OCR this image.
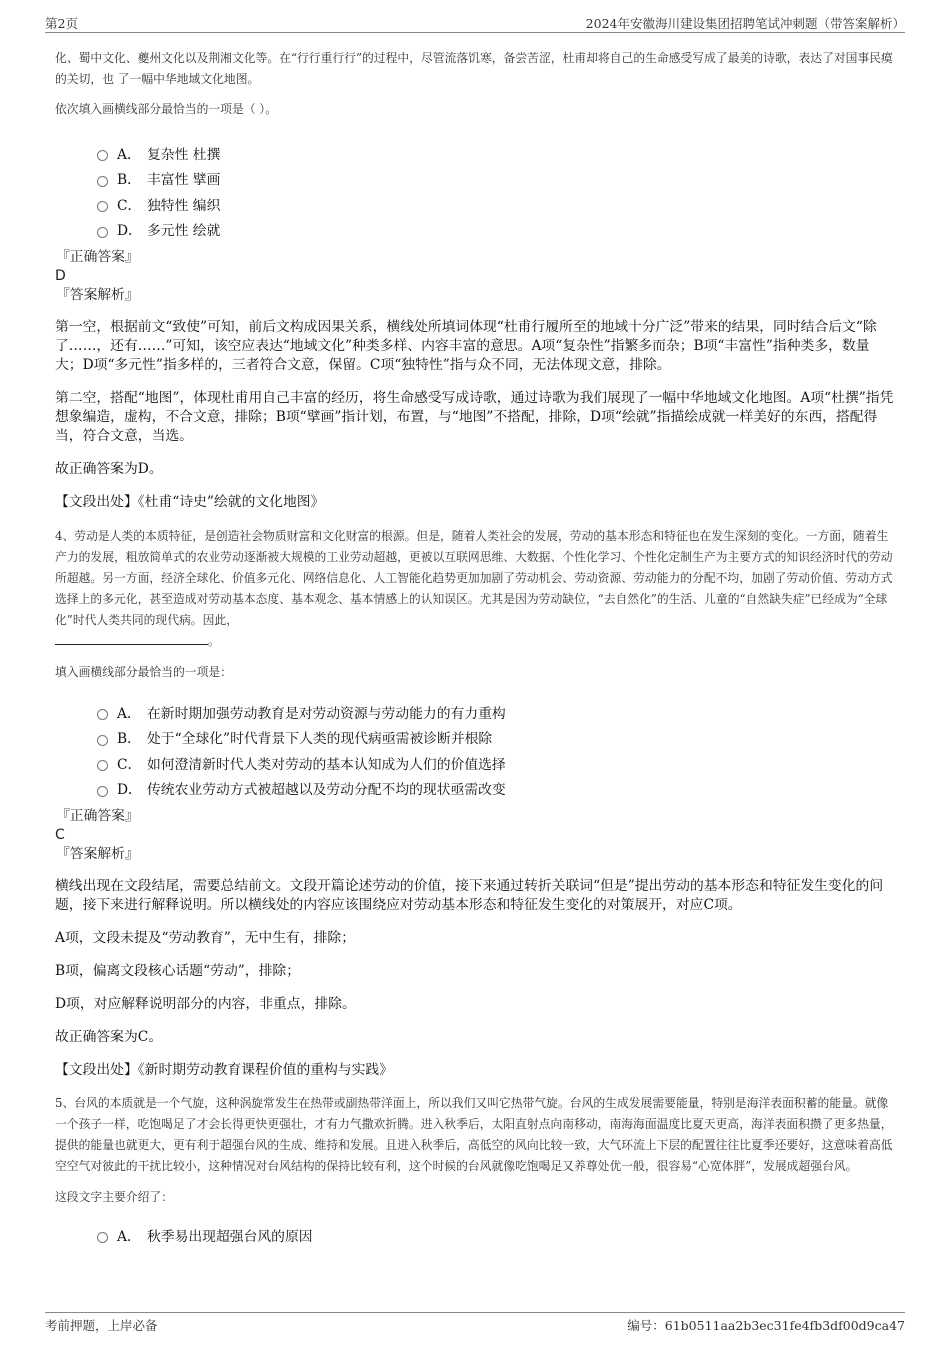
第2页	2024年安徽海川建设集团招聘笔试冲刺题（带答案解析）

化、蜀中文化、夔州文化以及荆湘文化等。在“行行重行行”的过程中，尽管流落饥寒，备尝苦涩，杜甫却将自己的生命感受写成了最美的诗歌，表达了对国事民瘼的关切，也 了一幅中华地域文化地图。

依次填入画横线部分最恰当的一项是（ ）。

A． 复杂性 杜撰
B． 丰富性 擘画
C． 独特性 编织
D． 多元性 绘就

『正确答案』

D

『答案解析』

第一空，根据前文“致使”可知，前后文构成因果关系，横线处所填词体现“杜甫行履所至的地域十分广泛”带来的结果，同时结合后文“除了……，还有……”可知，该空应表达“地域文化”种类多样、内容丰富的意思。A项“复杂性”指繁多而杂；B项“丰富性”指种类多，数量大；D项“多元性”指多样的，三者符合文意，保留。C项“独特性”指与众不同，无法体现文意，排除。

第二空，搭配“地图”，体现杜甫用自己丰富的经历，将生命感受写成诗歌，通过诗歌为我们展现了一幅中华地域文化地图。A项“杜撰”指凭想象编造，虚构，不合文意，排除；B项“擘画”指计划，布置，与“地图”不搭配，排除，D项“绘就”指描绘成就一样美好的东西，搭配得当，符合文意，当选。

故正确答案为D。

【文段出处】《杜甫“诗史”绘就的文化地图》

4、劳动是人类的本质特征，是创造社会物质财富和文化财富的根源。但是，随着人类社会的发展，劳动的基本形态和特征也在发生深刻的变化。一方面，随着生产力的发展，粗放简单式的农业劳动逐渐被大规模的工业劳动超越，更被以互联网思维、大数据、个性化学习、个性化定制生产为主要方式的知识经济时代的劳动所超越。另一方面，经济全球化、价值多元化、网络信息化、人工智能化趋势更加加剧了劳动机会、劳动资源、劳动能力的分配不均，加剧了劳动价值、劳动方式选择上的多元化，甚至造成对劳动基本态度、基本观念、基本情感上的认知误区。尤其是因为劳动缺位，“去自然化”的生活、儿童的“自然缺失症”已经成为“全球化”时代人类共同的现代病。因此，
。

填入画横线部分最恰当的一项是：

A． 在新时期加强劳动教育是对劳动资源与劳动能力的有力重构
B． 处于“全球化”时代背景下人类的现代病亟需被诊断并根除
C． 如何澄清新时代人类对劳动的基本认知成为人们的价值选择
D． 传统农业劳动方式被超越以及劳动分配不均的现状亟需改变

『正确答案』

C

『答案解析』

横线出现在文段结尾，需要总结前文。文段开篇论述劳动的价值，接下来通过转折关联词“但是”提出劳动的基本形态和特征发生变化的问题，接下来进行解释说明。所以横线处的内容应该围绕应对劳动基本形态和特征发生变化的对策展开，对应C项。

A项，文段未提及“劳动教育”，无中生有，排除；

B项，偏离文段核心话题“劳动”，排除；

D项，对应解释说明部分的内容，非重点，排除。

故正确答案为C。

【文段出处】《新时期劳动教育课程价值的重构与实践》

5、台风的本质就是一个气旋，这种涡旋常发生在热带或副热带洋面上，所以我们又叫它热带气旋。台风的生成发展需要能量，特别是海洋表面积蓄的能量。就像一个孩子一样，吃饱喝足了才会长得更快更强壮，才有力气撒欢折腾。进入秋季后，太阳直射点向南移动，南海海面温度比夏天更高，海洋表面积攒了更多热量，提供的能量也就更大，更有利于超强台风的生成、维持和发展。且进入秋季后，高低空的风向比较一致，大气环流上下层的配置往往比夏季还要好，这意味着高低空空气对彼此的干扰比较小，这种情况对台风结构的保持比较有利，这个时候的台风就像吃饱喝足又养尊处优一般，很容易“心宽体胖”，发展成超强台风。

这段文字主要介绍了：

A． 秋季易出现超强台风的原因
考前押题，上岸必备	编号：61b0511aa2b3ec31fe4fb3df00d9ca47
